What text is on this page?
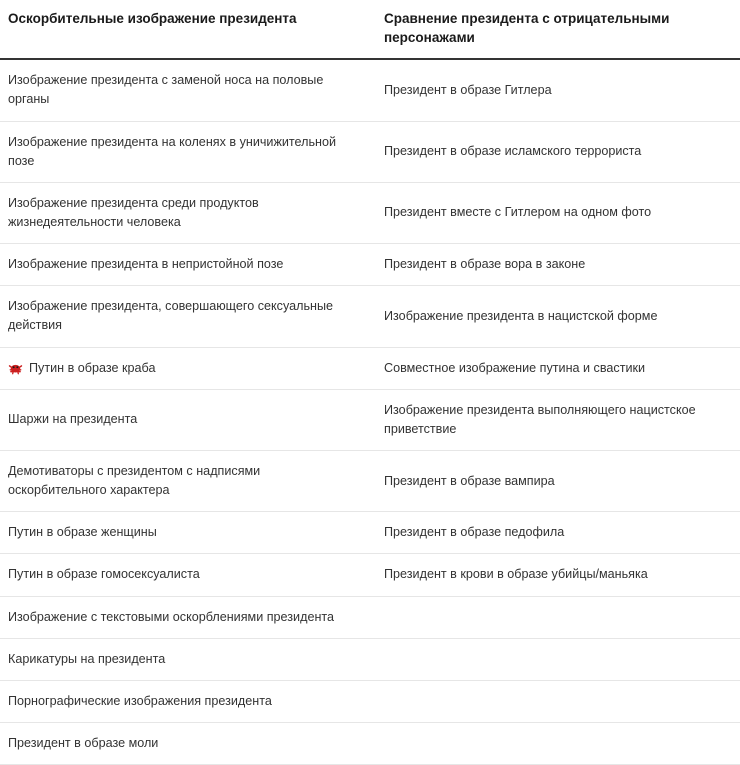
Оскорбительные изображение президента	Сравнение президента с отрицательными персонажами

Изображение президента с заменой носа на половые органы	Президент в образе Гитлера

Изображение президента на коленях в уничижительной позе	Президент в образе исламского террориста

Изображение президента среди продуктов жизнедеятельности человека	Президент вместе с Гитлером на одном фото

Изображение президента в непристойной позе	Президент в образе вора в законе

Изображение президента, совершающего сексуальные действия	Изображение президента в нацистской форме

Путин в образе краба	Совместное изображение путина и свастики

Шаржи на президента	Изображение президента выполняющего нацистское приветствие

Демотиваторы с президентом с надписями оскорбительного характера	Президент в образе вампира

Путин в образе женщины	Президент в образе педофила

Путин в образе гомосексуалиста	Президент в крови в образе убийцы/маньяка

Изображение с текстовыми оскорблениями президента	

Карикатуры на президента	

Порнографические изображения президента	

Президент в образе моли	
